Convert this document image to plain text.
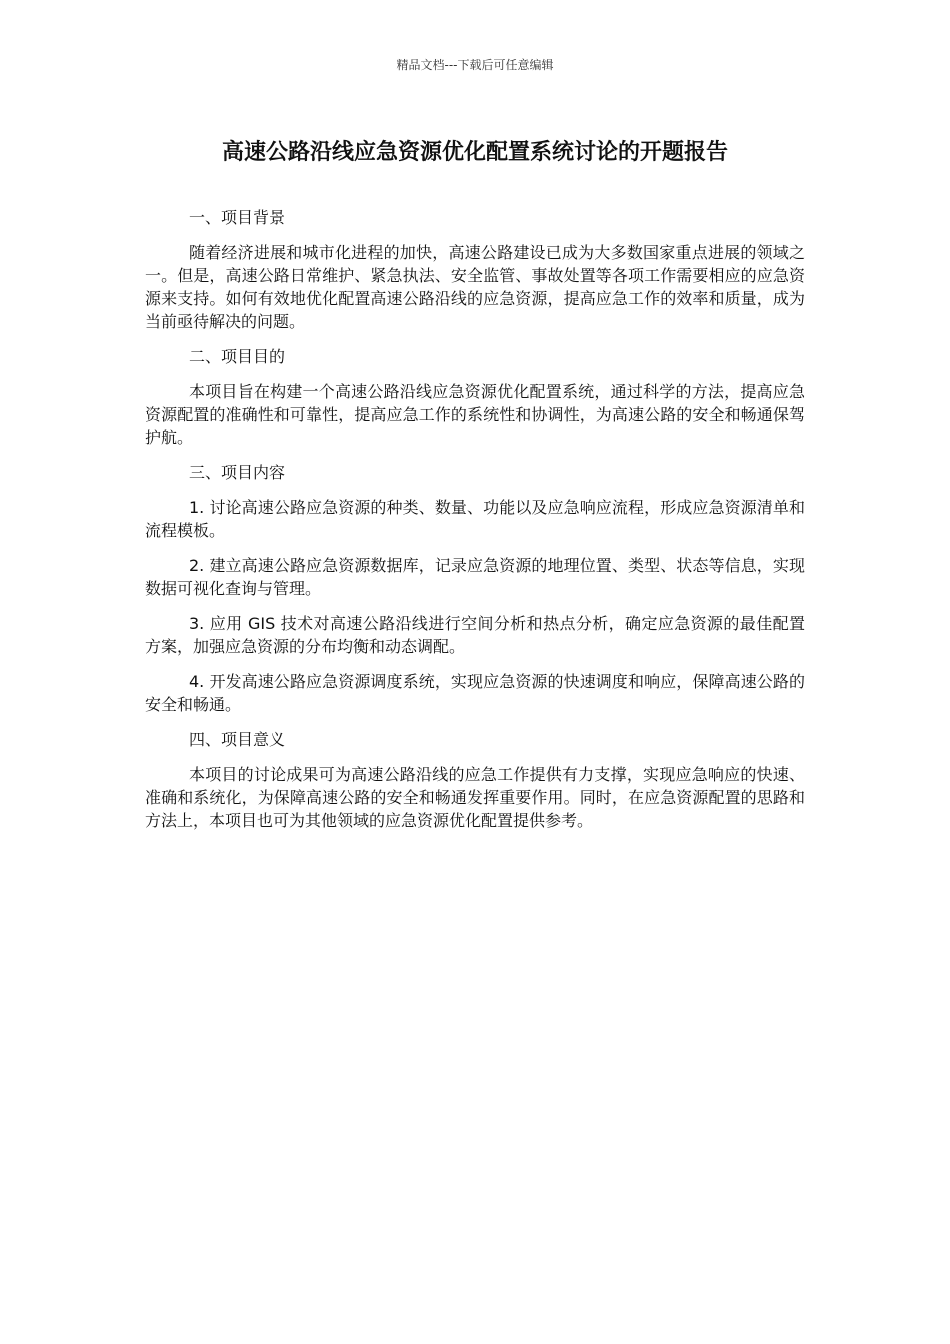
精品文档---下载后可任意编辑
高速公路沿线应急资源优化配置系统讨论的开题报告

一、项目背景

随着经济进展和城市化进程的加快，高速公路建设已成为大多数国家重点进展的领域之一。但是，高速公路日常维护、紧急执法、安全监管、事故处置等各项工作需要相应的应急资源来支持。如何有效地优化配置高速公路沿线的应急资源，提高应急工作的效率和质量，成为当前亟待解决的问题。

二、项目目的

本项目旨在构建一个高速公路沿线应急资源优化配置系统，通过科学的方法，提高应急资源配置的准确性和可靠性，提高应急工作的系统性和协调性，为高速公路的安全和畅通保驾护航。

三、项目内容

1. 讨论高速公路应急资源的种类、数量、功能以及应急响应流程，形成应急资源清单和流程模板。

2. 建立高速公路应急资源数据库，记录应急资源的地理位置、类型、状态等信息，实现数据可视化查询与管理。

3. 应用 GIS 技术对高速公路沿线进行空间分析和热点分析，确定应急资源的最佳配置方案，加强应急资源的分布均衡和动态调配。

4. 开发高速公路应急资源调度系统，实现应急资源的快速调度和响应，保障高速公路的安全和畅通。

四、项目意义

本项目的讨论成果可为高速公路沿线的应急工作提供有力支撑，实现应急响应的快速、准确和系统化，为保障高速公路的安全和畅通发挥重要作用。同时，在应急资源配置的思路和方法上，本项目也可为其他领域的应急资源优化配置提供参考。
